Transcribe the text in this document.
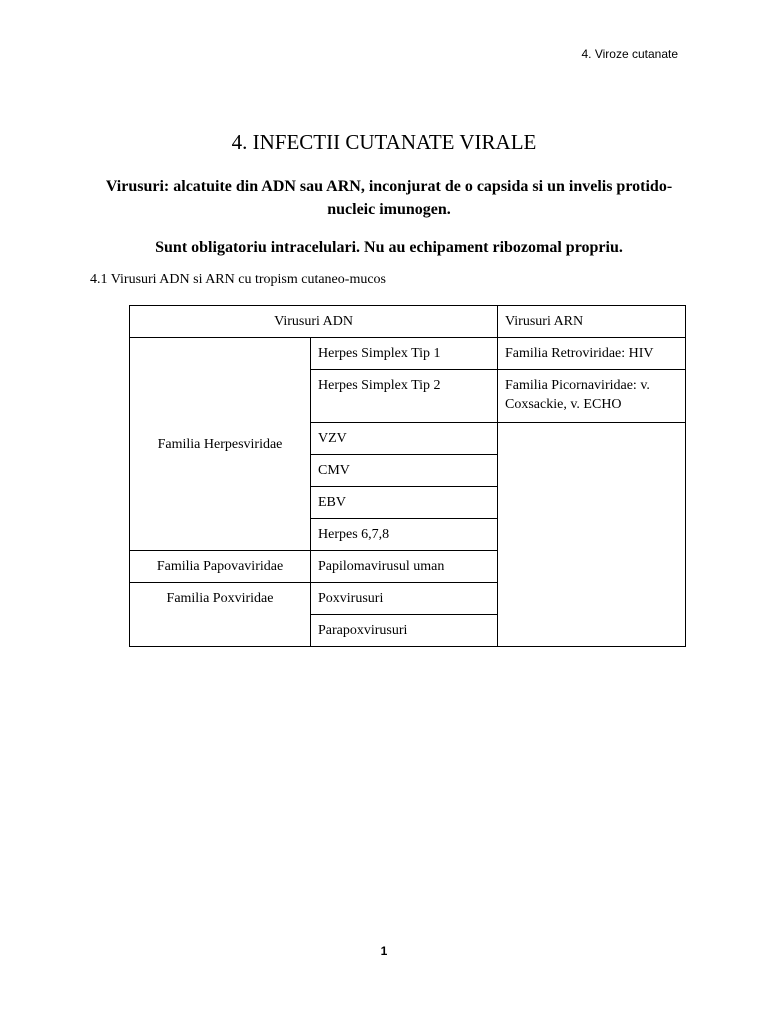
4. Viroze cutanate
4. INFECTII CUTANATE VIRALE

Virusuri: alcatuite din ADN sau ARN, inconjurat de o capsida si un invelis protido-nucleic imunogen.

Sunt obligatoriu intracelulari. Nu au echipament ribozomal propriu.

4.1 Virusuri ADN si ARN cu tropism cutaneo-mucos

Virusuri ADN		Virusuri ARN
Familia Herpesviridae	Herpes Simplex Tip 1	Familia Retroviridae: HIV
	Herpes Simplex Tip 2	Familia Picornaviridae: v. Coxsackie, v. ECHO
	VZV	
	CMV	
	EBV	
	Herpes 6,7,8	
Familia Papovaviridae	Papilomavirusul uman	
Familia Poxviridae	Poxvirusuri	
	Parapoxvirusuri	
1
